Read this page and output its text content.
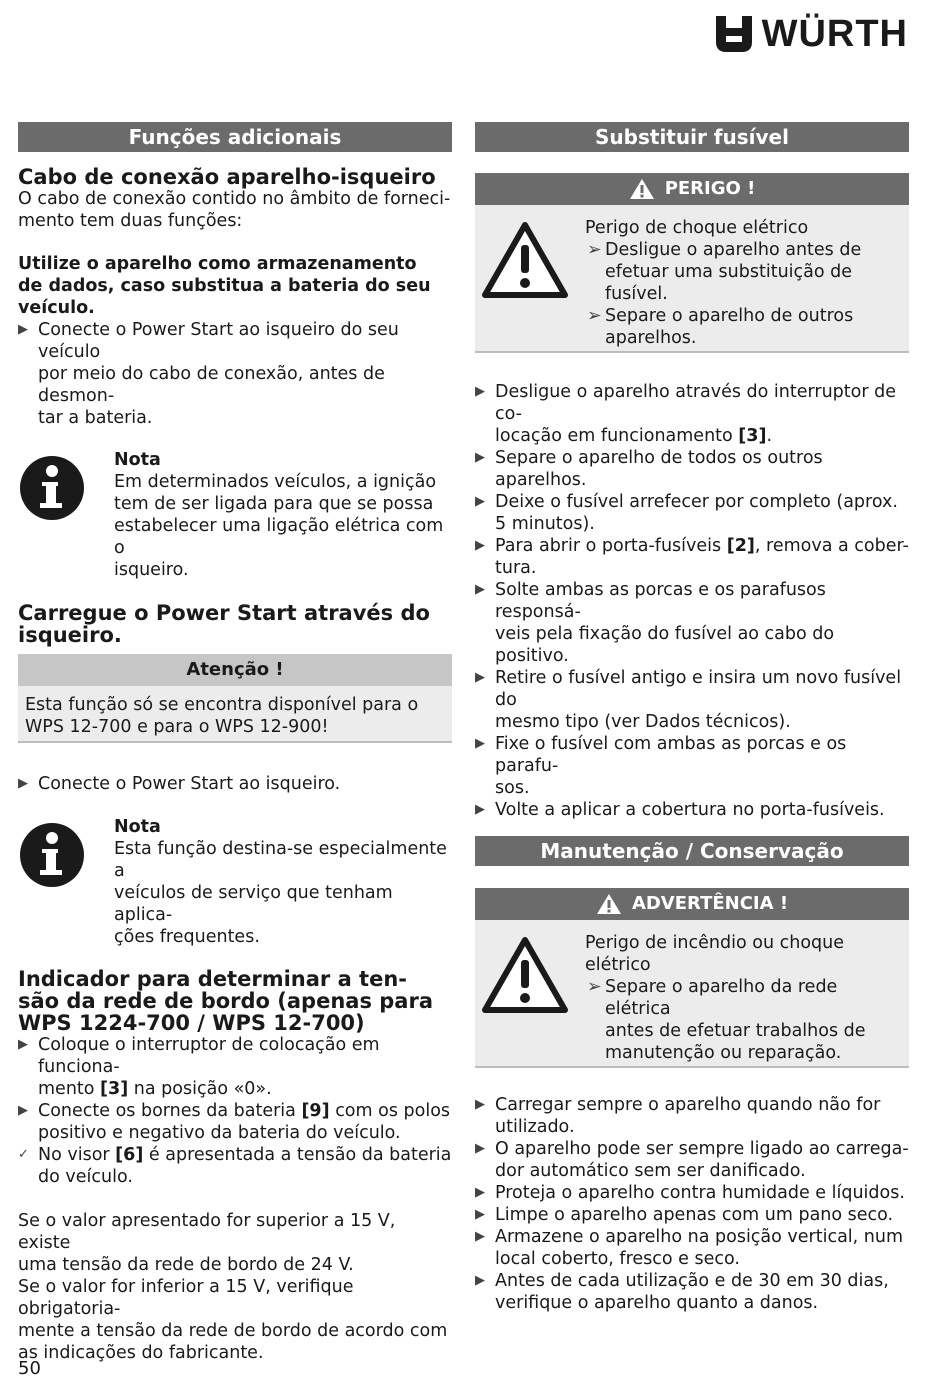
WÜRTH
Funções adicionais
Cabo de conexão aparelho-isqueiro

O cabo de conexão contido no âmbito de forneci-

mento tem duas funções:

Utilize o aparelho como armazenamento
de dados, caso substitua a bateria do seu
veículo.
▶ Conecte o Power Start ao isqueiro do seu veículo
por meio do cabo de conexão, antes de desmon-
tar a bateria.
Nota

Em determinados veículos, a ignição

tem de ser ligada para que se possa

estabelecer uma ligação elétrica com o

isqueiro.

Carregue o Power Start através do
isqueiro.
Atenção !

Esta função só se encontra disponível para o

WPS 12-700 e para o WPS 12-900!

▶ Conecte o Power Start ao isqueiro.
Nota

Esta função destina-se especialmente a

veículos de serviço que tenham aplica-

ções frequentes.

Indicador para determinar a ten-
são da rede de bordo (apenas para
WPS 1224-700 / WPS 12-700)
▶ Coloque o interruptor de colocação em funciona-
mento [3] na posição «0».
▶ Conecte os bornes da bateria [9] com os polos
positivo e negativo da bateria do veículo.
✓ No visor [6] é apresentada a tensão da bateria
do veículo.

Se o valor apresentado for superior a 15 V, existe

uma tensão da rede de bordo de 24 V.

Se o valor for inferior a 15 V, verifique obrigatoria-

mente a tensão da rede de bordo de acordo com

as indicações do fabricante.

Substituir fusível
PERIGO !

Perigo de choque elétrico

➢ Desligue o aparelho antes de
efetuar uma substituição de fusível.
➢ Separe o aparelho de outros
aparelhos.
▶ Desligue o aparelho através do interruptor de co-
locação em funcionamento [3].
▶ Separe o aparelho de todos os outros aparelhos.
▶ Deixe o fusível arrefecer por completo (aprox.
5 minutos).
▶ Para abrir o porta-fusíveis [2], remova a cober-
tura.
▶ Solte ambas as porcas e os parafusos responsá-
veis pela fixação do fusível ao cabo do positivo.
▶ Retire o fusível antigo e insira um novo fusível do
mesmo tipo (ver Dados técnicos).
▶ Fixe o fusível com ambas as porcas e os parafu-
sos.
▶ Volte a aplicar a cobertura no porta-fusíveis.
Manutenção / Conservação
ADVERTÊNCIA !

Perigo de incêndio ou choque elétrico

➢ Separe o aparelho da rede elétrica
antes de efetuar trabalhos de
manutenção ou reparação.
▶ Carregar sempre o aparelho quando não for
utilizado.
▶ O aparelho pode ser sempre ligado ao carrega-
dor automático sem ser danificado.
▶ Proteja o aparelho contra humidade e líquidos.
▶ Limpe o aparelho apenas com um pano seco.
▶ Armazene o aparelho na posição vertical, num
local coberto, fresco e seco.
▶ Antes de cada utilização e de 30 em 30 dias,
verifique o aparelho quanto a danos.
50
